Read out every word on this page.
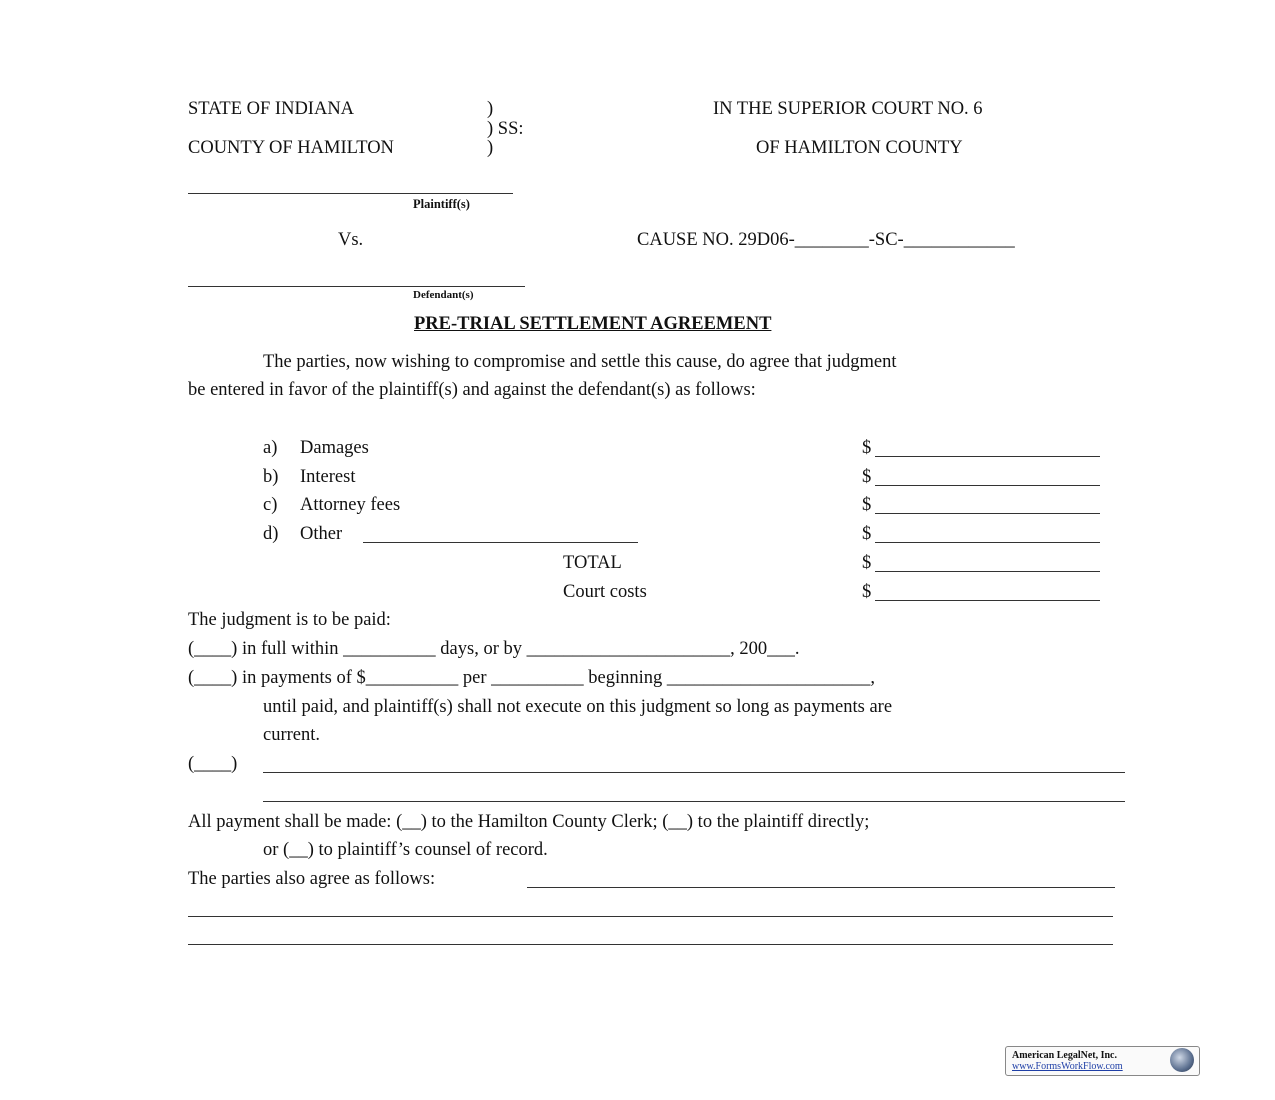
STATE OF INDIANA	)
) SS:
COUNTY OF HAMILTON	)
IN THE SUPERIOR COURT NO. 6
OF HAMILTON COUNTY
Plaintiff(s)
Vs.	CAUSE NO. 29D06-________-SC-____________
Defendant(s)
PRE-TRIAL SETTLEMENT AGREEMENT
The parties, now wishing to compromise and settle this cause, do agree that judgment
be entered in favor of the plaintiff(s) and against the defendant(s) as follows:
a) Damages	$
b) Interest	$
c) Attorney fees	$
d) Other	$
TOTAL	$
Court costs	$
The judgment is to be paid:
(____) in full within __________ days, or by ______________________, 200___.
(____) in payments of $__________ per __________ beginning ______________________,
until paid, and plaintiff(s) shall not execute on this judgment so long as payments are
current.
(____)
All payment shall be made: (__) to the Hamilton County Clerk; (__) to the plaintiff directly;
or (__) to plaintiff’s counsel of record.
The parties also agree as follows:
American LegalNet, Inc.
www.FormsWorkFlow.com
